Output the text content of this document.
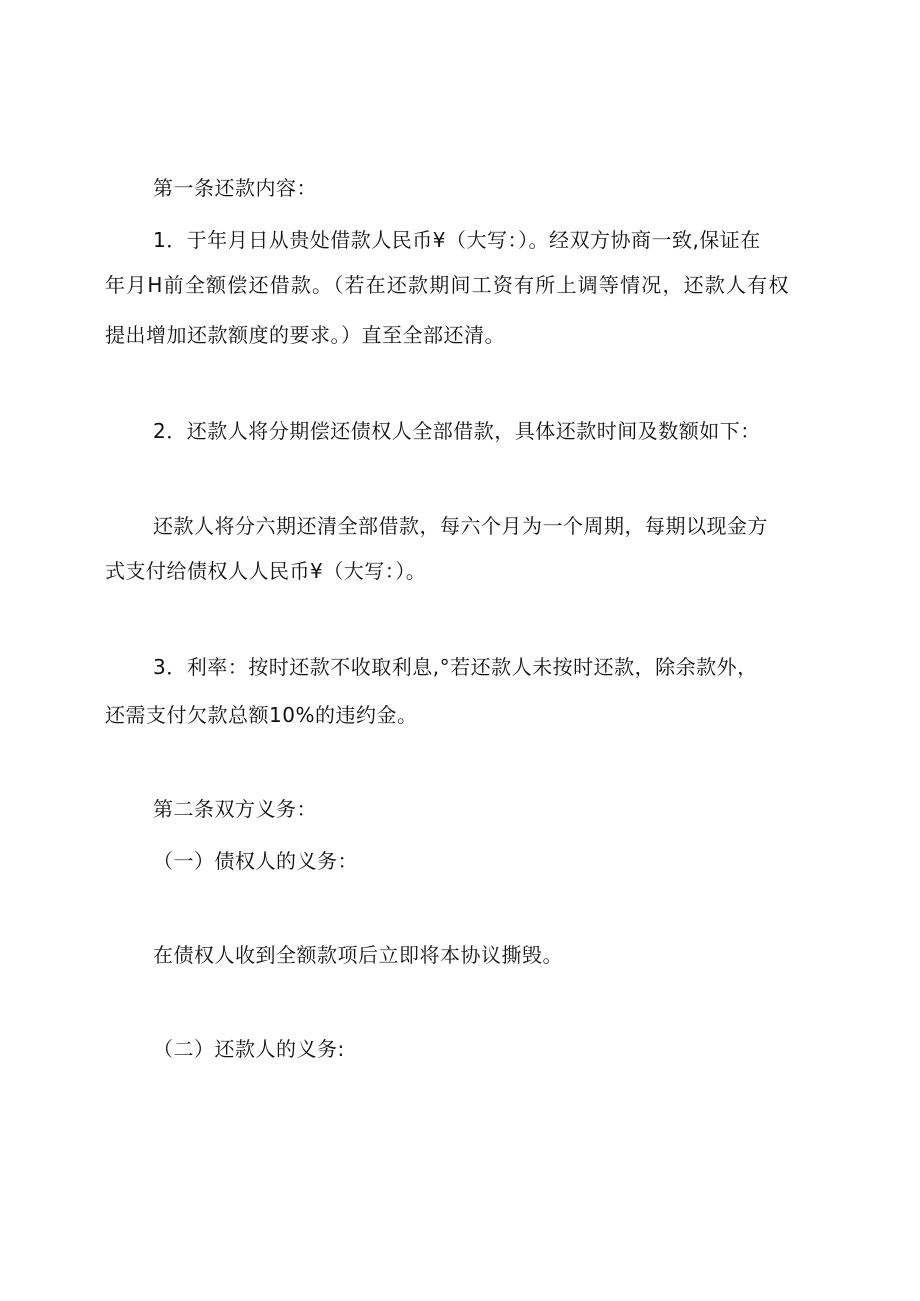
第一条还款内容：
1．于年月日从贵处借款人民币¥（大写：）。经双方协商一致,保证在
年月H前全额偿还借款。（若在还款期间工资有所上调等情况，还款人有权
提出增加还款额度的要求。）直至全部还清。
2．还款人将分期偿还债权人全部借款，具体还款时间及数额如下：
还款人将分六期还清全部借款，每六个月为一个周期，每期以现金方
式支付给债权人人民币¥（大写：）。
3．利率：按时还款不收取利息,°若还款人未按时还款，除余款外，
还需支付欠款总额10%的违约金。
第二条双方义务：
（一）债权人的义务：
在债权人收到全额款项后立即将本协议撕毁。
（二）还款人的义务:
